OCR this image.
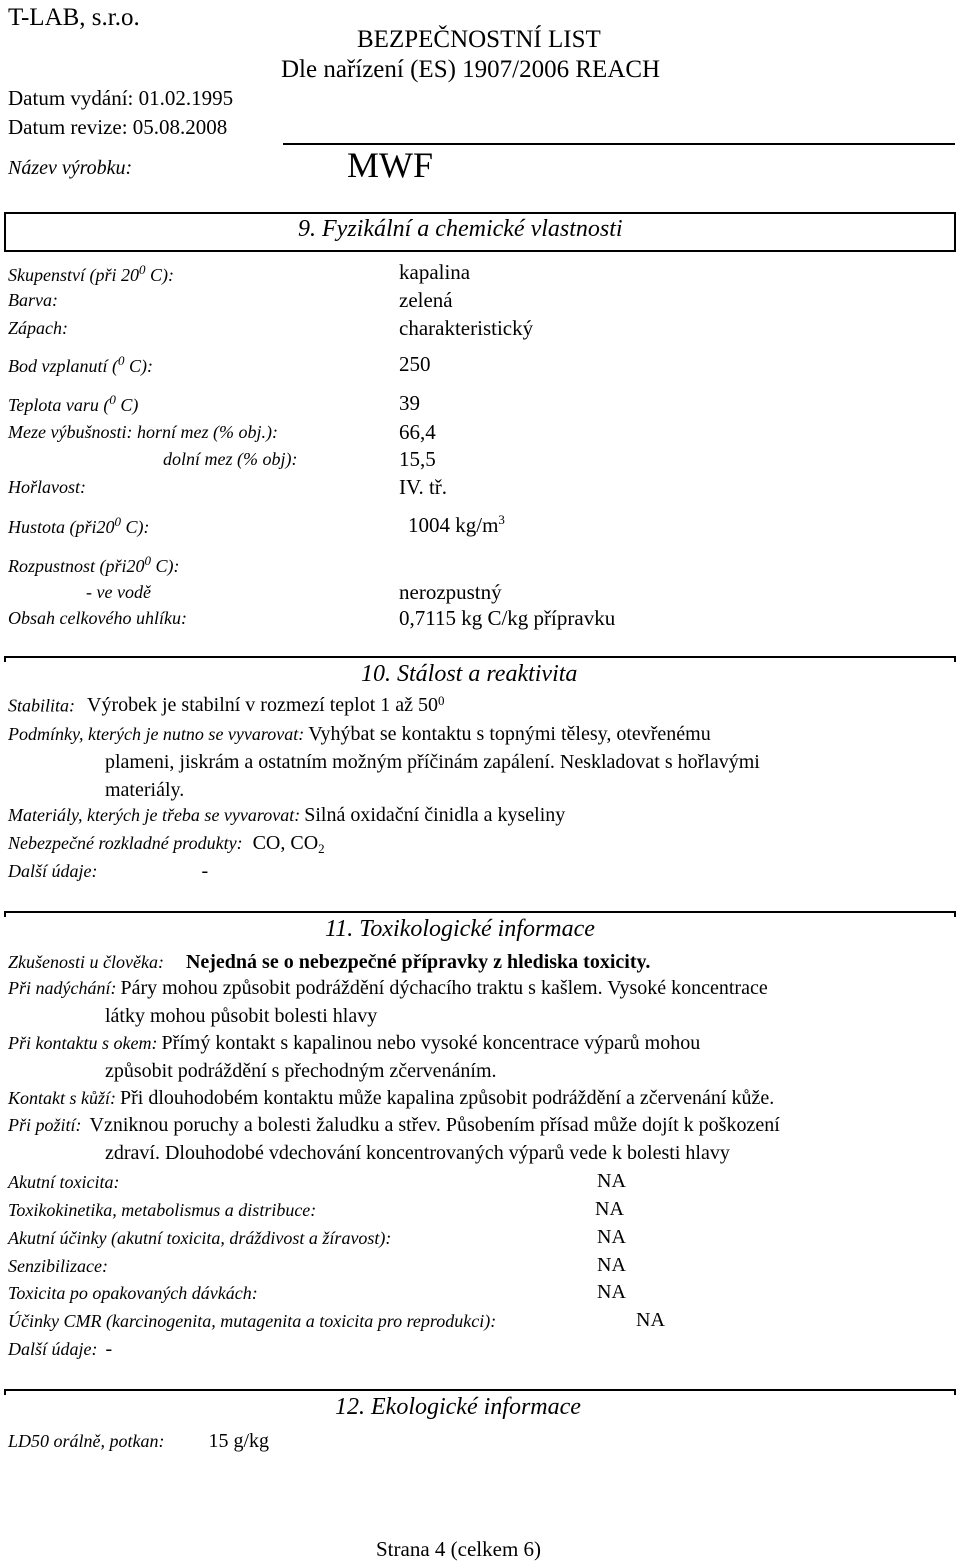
T-LAB, s.r.o.
BEZPEČNOSTNÍ LIST
Dle nařízení (ES) 1907/2006 REACH
Datum vydání: 01.02.1995
Datum revize: 05.08.2008
Název výrobku:	MWF
9. Fyzikální a chemické vlastnosti
Skupenství (při $20^0$ C):	kapalina
Barva:	zelená
Zápach:	charakteristický
Bod vzplanutí ($^0$ C):	250
Teplota varu ($^0$ C)	39
Meze výbušnosti: horní mez (% obj.):	66,4
dolní mez (% obj):	15,5
Hořlavost:	IV. tř.
Hustota ($při20^0$ C):	1004 $kg/m^3$
Rozpustnost ($při20^0$ C):
- ve vodě	nerozpustný
Obsah celkového uhlíku:	0,7115 kg C/kg přípravku
10. Stálost a reaktivita
Stabilita: Výrobek je stabilní v rozmezí teplot 1 až $50^0$
Podmínky, kterých je nutno se vyvarovat: Vyhýbat se kontaktu s topnými tělesy, otevřenému
plameni, jiskrám a ostatním možným příčinám zapálení. Neskladovat s hořlavými
materiály.
Materiály, kterých je třeba se vyvarovat: Silná oxidační činidla a kyseliny
Nebezpečné rozkladné produkty: CO, $CO_2$
Další údaje:	-
11. Toxikologické informace
Zkušenosti u člověka: Nejedná se o nebezpečné přípravky z hlediska toxicity.
Při nadýchání: Páry mohou způsobit podráždění dýchacího traktu s kašlem. Vysoké koncentrace
látky mohou působit bolesti hlavy
Při kontaktu s okem: Přímý kontakt s kapalinou nebo vysoké koncentrace výparů mohou
způsobit podráždění s přechodným zčervenáním.
Kontakt s kůží: Při dlouhodobém kontaktu může kapalina způsobit podráždění a zčervenání kůže.
Při požití: Vzniknou poruchy a bolesti žaludku a střev. Působením přísad může dojít k poškození
zdraví. Dlouhodobé vdechování koncentrovaných výparů vede k bolesti hlavy
Akutní toxicita:	NA
Toxikokinetika, metabolismus a distribuce:	NA
Akutní účinky (akutní toxicita, dráždivost a žíravost):	NA
Senzibilizace:	NA
Toxicita po opakovaných dávkách:	NA
Účinky CMR (karcinogenita, mutagenita a toxicita pro reprodukci):	NA
Další údaje: -
12. Ekologické informace
LD50 orálně, potkan: 15 g/kg
Strana 4 (celkem 6)
